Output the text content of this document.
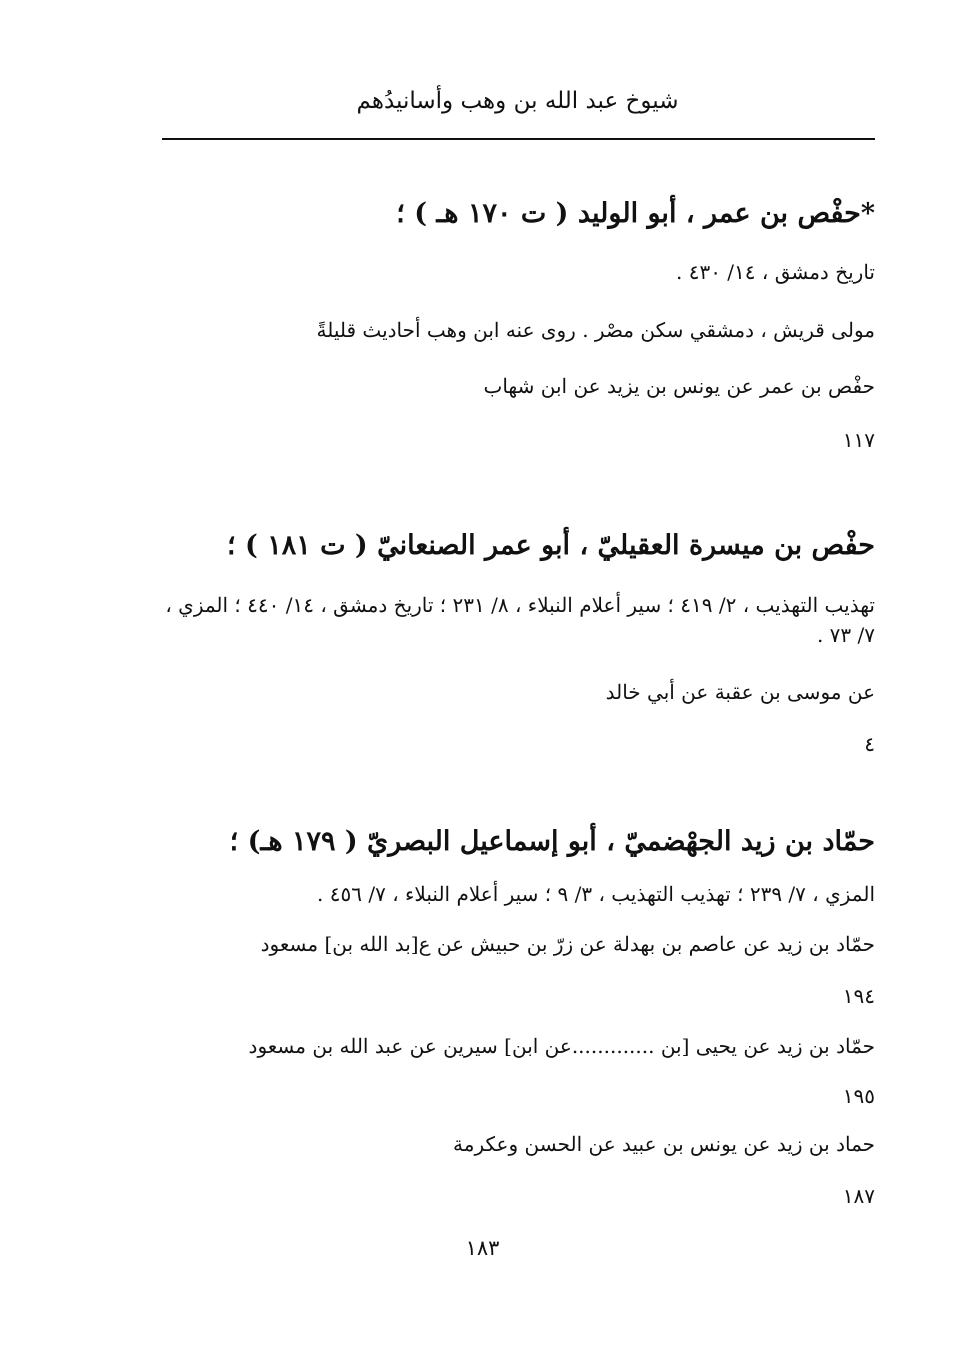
شيوخ عبد الله بن وهب وأسانيدُهم
*حفْص بن عمر ، أبو الوليد ( ت ١٧٠ هـ ) ؛
تاريخ دمشق ، ١٤/ ٤٣٠ .
مولى قريش ، دمشقي سكن مصْر . روى عنه ابن وهب أحاديث قليلةً
حفْص بن عمر عن يونس بن يزيد عن ابن شهاب
١١٧
حفْص بن ميسرة العقيليّ ، أبو عمر الصنعانيّ ( ت ١٨١ ) ؛
تهذيب التهذيب ، ٢/ ٤١٩ ؛ سير أعلام النبلاء ، ٨/ ٢٣١ ؛ تاريخ دمشق ، ١٤/ ٤٤٠ ؛ المزي ، ٧/ ٧٣ .
عن موسى بن عقبة عن أبي خالد
٤
حمّاد بن زيد الجهْضميّ ، أبو إسماعيل البصريّ ( ١٧٩ هـ) ؛
المزي ، ٧/ ٢٣٩ ؛ تهذيب التهذيب ، ٣/ ٩ ؛ سير أعلام النبلاء ، ٧/ ٤٥٦ .
حمّاد بن زيد عن عاصم بن بهدلة عن زرّ بن حبيش عن ع[بد الله بن] مسعود
١٩٤
حمّاد بن زيد عن يحيى [بن .............عن ابن] سيرين عن عبد الله بن مسعود
١٩٥
حماد بن زيد عن يونس بن عبيد عن الحسن وعكرمة
١٨٧
١٨٣
